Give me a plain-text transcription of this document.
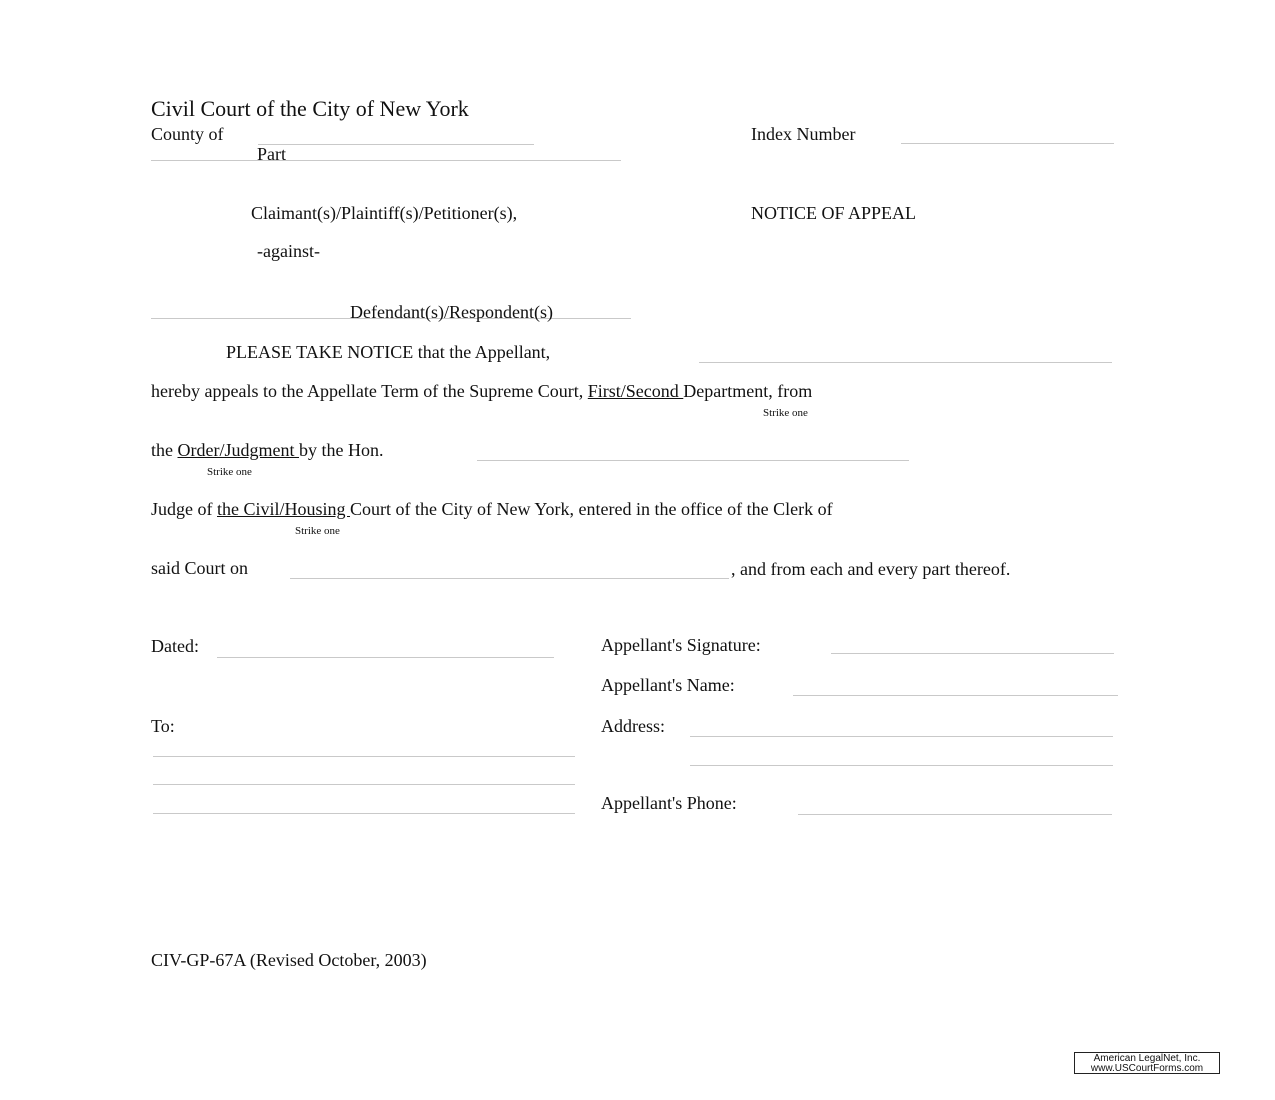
Civil Court of the City of New York
County of
Part
Index Number
Claimant(s)/Plaintiff(s)/Petitioner(s),	NOTICE OF APPEAL
-against-
Defendant(s)/Respondent(s)
PLEASE TAKE NOTICE that the Appellant,
hereby appeals to the Appellate Term of the Supreme Court, First/Second Department, from
Strike one
the Order/Judgment by the Hon.
Strike one
Judge of the Civil/Housing Court of the City of New York, entered in the office of the Clerk of
Strike one
said Court on	, and from each and every part thereof.
Dated:	Appellant's Signature:
Appellant's Name:
To:	Address:
Appellant's Phone:
CIV-GP-67A (Revised October, 2003)
American LegalNet, Inc.
www.USCourtForms.com
